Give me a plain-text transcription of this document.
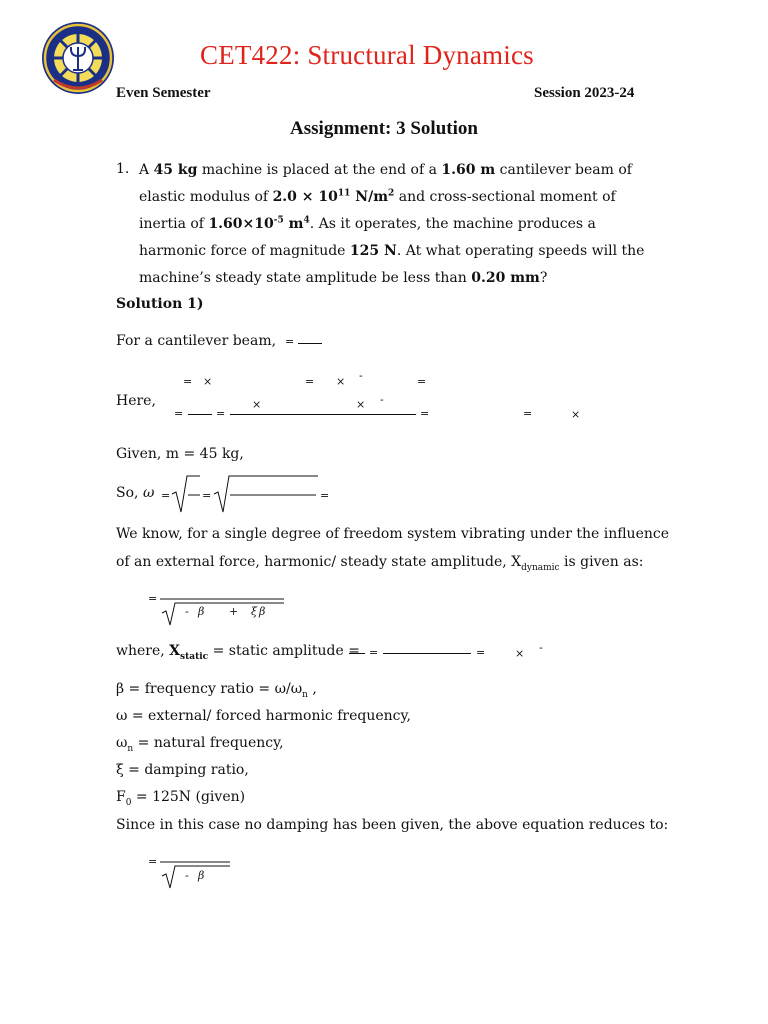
CET422: Structural Dynamics
Even Semester	Session 2023-24
Assignment: 3 Solution
1. A 45 kg machine is placed at the end of a 1.60 m cantilever beam of elastic modulus of $2.0 \times 10^{11}$ $N/m^2$ and cross-sectional moment of inertia of $1.60\times 10^{-5}$ $m^4$. As it operates, the machine produces a harmonic force of magnitude 125 N. At what operating speeds will the machine’s steady state amplitude be less than 0.20 mm?
Solution 1)
For a cantilever beam, =
= ×	= × -	=
Here,	×	× -
=	=	=	=	×
Given, m = 45 kg,
So, ω =	=	=
We know, for a single degree of freedom system vibrating under the influence
of an external force, harmonic/ steady state amplitude, $X_{dynamic}$ is given as:
=
- β + ξ β
where, $X_{static}$ = static amplitude = =	=	× -
β = frequency ratio = $\omega/\omega_n$ ,
ω = external/ forced harmonic frequency,
$\omega_n$ = natural frequency,
ξ = damping ratio,
$F_0 = 125N$ (given)
Since in this case no damping has been given, the above equation reduces to:
=
- β
